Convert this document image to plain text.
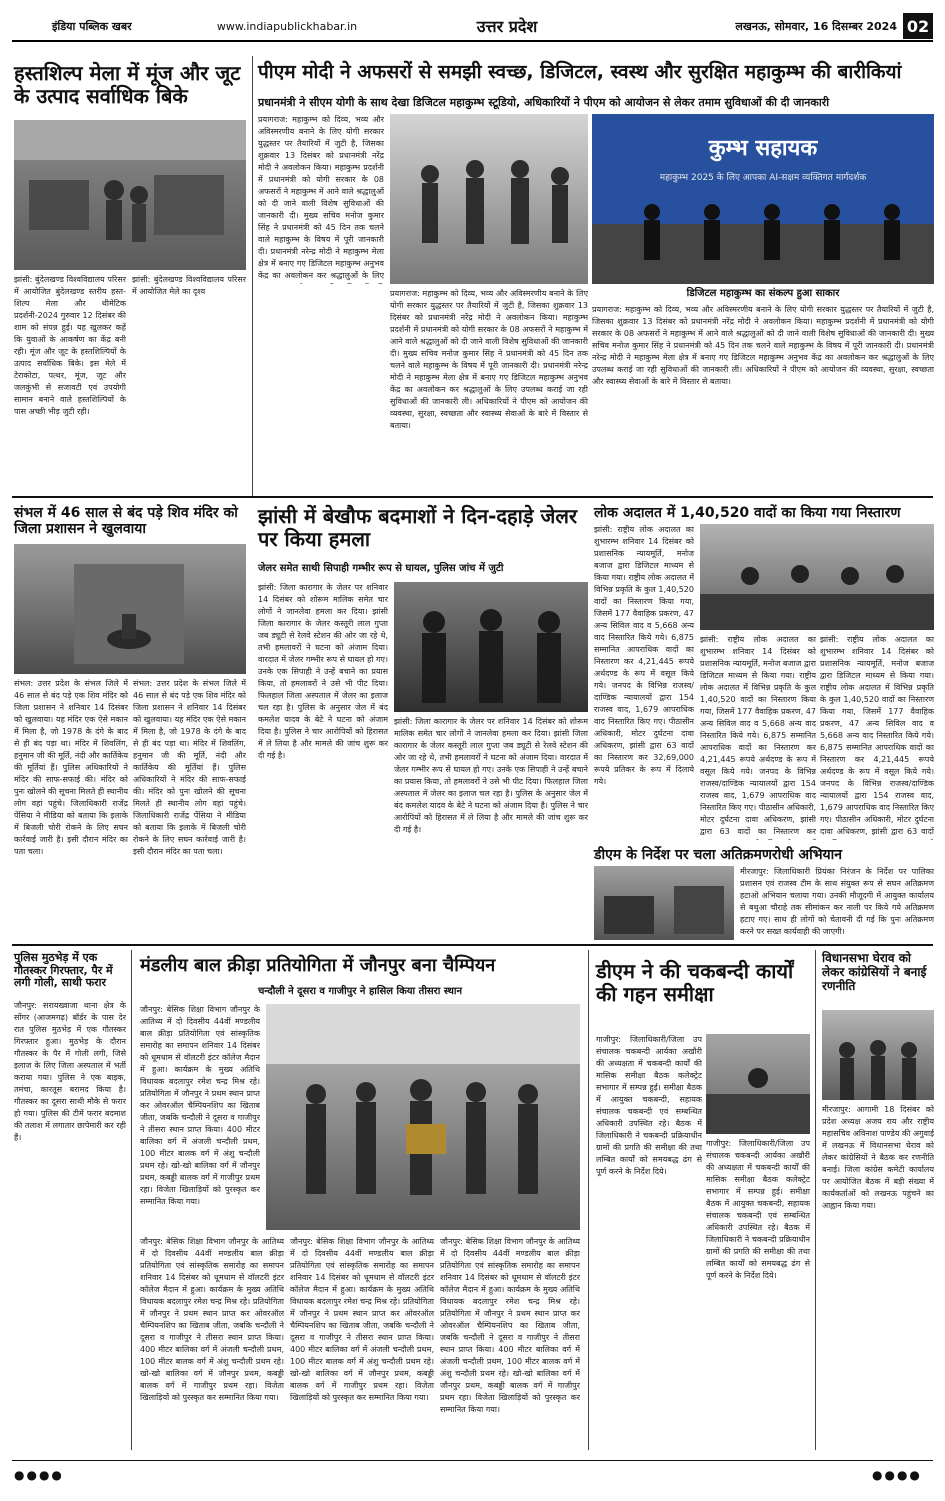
इंडिया पब्लिक खबर	www.indiapublickhabar.in	उत्तर प्रदेश	लखनऊ, सोमवार, 16 दिसम्बर 2024 02
हस्तशिल्प मेला में मूंज और जूट के उत्पाद सर्वाधिक बिके
झांसी: बुंदेलखण्ड विश्वविद्यालय परिसर में आयोजित बुंदेलखण्ड स्तरीय हस्त-शिल्प मेला और थीमेटिक प्रदर्शनी-2024 गुरुवार 12 दिसंबर की शाम को संपन्न हुई। यह खुलकर कहें कि युवाओं के आकर्षण का केंद्र बनी रही। मूंज और जूट के हस्तशिल्पियों के उत्पाद सर्वाधिक बिके। इस मेले में टेराकोटा, पत्थर, मूंज, जूट और जलकुंभी से सजावटी एवं उपयोगी सामान बनाने वाले हस्तशिल्पियों के पास अच्छी भीड़ जुटी रही।
झांसी: बुंदेलखण्ड विश्वविद्यालय परिसर में आयोजित मेले का दृश्य
पीएम मोदी ने अफसरों से समझी स्वच्छ, डिजिटल, स्वस्थ और सुरक्षित महाकुम्भ की बारीकियां
प्रधानमंत्री ने सीएम योगी के साथ देखा डिजिटल महाकुम्भ स्टूडियो, अधिकारियों ने पीएम को आयोजन से लेकर तमाम सुविधाओं की दी जानकारी
प्रयागराज: महाकुम्भ को दिव्य, भव्य और अविस्मरणीय बनाने के लिए योगी सरकार युद्धस्तर पर तैयारियों में जुटी है, जिसका शुक्रवार 13 दिसंबर को प्रधानमंत्री नरेंद्र मोदी ने अवलोकन किया। महाकुम्भ प्रदर्शनी में प्रधानमंत्री को योगी सरकार के 08 अफसरों ने महाकुम्भ में आने वाले श्रद्धालुओं को दी जाने वाली विशेष सुविधाओं की जानकारी दी। मुख्य सचिव मनोज कुमार सिंह ने प्रधानमंत्री को 45 दिन तक चलने वाले महाकुम्भ के विषय में पूरी जानकारी दी। प्रधानमंत्री नरेन्द्र मोदी ने महाकुम्भ मेला क्षेत्र में बनाए गए डिजिटल महाकुम्भ अनुभव केंद्र का अवलोकन कर श्रद्धालुओं के लिए
कुम्भ सहायक
महाकुम्भ 2025 के लिए आपका AI-सक्षम व्यक्तिगत मार्गदर्शक
प्रयागराज: महाकुम्भ को दिव्य, भव्य और अविस्मरणीय बनाने के लिए योगी सरकार युद्धस्तर पर तैयारियों में जुटी है, जिसका शुक्रवार 13 दिसंबर को प्रधानमंत्री नरेंद्र मोदी ने अवलोकन किया। महाकुम्भ प्रदर्शनी में प्रधानमंत्री को योगी सरकार के 08 अफसरों ने महाकुम्भ में आने वाले श्रद्धालुओं को दी जाने वाली विशेष सुविधाओं की जानकारी दी। मुख्य सचिव मनोज कुमार सिंह ने प्रधानमंत्री को 45 दिन तक चलने वाले महाकुम्भ के विषय में पूरी जानकारी दी। प्रधानमंत्री नरेन्द्र मोदी ने महाकुम्भ मेला क्षेत्र में बनाए गए डिजिटल महाकुम्भ अनुभव केंद्र का अवलोकन कर श्रद्धालुओं के लिए उपलब्ध कराई जा रही सुविधाओं की जानकारी ली। अधिकारियों ने पीएम को आयोजन की व्यवस्था, सुरक्षा, स्वच्छता और स्वास्थ्य सेवाओं के बारे में विस्तार से बताया।
डिजिटल महाकुम्भ का संकल्प हुआ साकार
प्रयागराज: महाकुम्भ को दिव्य, भव्य और अविस्मरणीय बनाने के लिए योगी सरकार युद्धस्तर पर तैयारियों में जुटी है, जिसका शुक्रवार 13 दिसंबर को प्रधानमंत्री नरेंद्र मोदी ने अवलोकन किया। महाकुम्भ प्रदर्शनी में प्रधानमंत्री को योगी सरकार के 08 अफसरों ने महाकुम्भ में आने वाले श्रद्धालुओं को दी जाने वाली विशेष सुविधाओं की जानकारी दी। मुख्य सचिव मनोज कुमार सिंह ने प्रधानमंत्री को 45 दिन तक चलने वाले महाकुम्भ के विषय में पूरी जानकारी दी। प्रधानमंत्री नरेन्द्र मोदी ने महाकुम्भ मेला क्षेत्र में बनाए गए डिजिटल महाकुम्भ अनुभव केंद्र का अवलोकन कर श्रद्धालुओं के लिए उपलब्ध कराई जा रही सुविधाओं की जानकारी ली। अधिकारियों ने पीएम को आयोजन की व्यवस्था, सुरक्षा, स्वच्छता और स्वास्थ्य सेवाओं के बारे में विस्तार से बताया।
संभल में 46 साल से बंद पड़े शिव मंदिर को जिला प्रशासन ने खुलवाया
संभल: उत्तर प्रदेश के संभल जिले में 46 साल से बंद पड़े एक शिव मंदिर को जिला प्रशासन ने शनिवार 14 दिसंबर को खुलवाया। यह मंदिर एक ऐसे मकान में मिला है, जो 1978 के दंगे के बाद से ही बंद पड़ा था। मंदिर में शिवलिंग, हनुमान जी की मूर्ति, नंदी और कार्तिकेय की मूर्तियां हैं। पुलिस अधिकारियों ने मंदिर की साफ-सफाई की। मंदिर को पुनः खोलने की सूचना मिलते ही स्थानीय लोग वहां पहुंचे। जिलाधिकारी राजेंद्र पेंसिया ने मीडिया को बताया कि इलाके में बिजली चोरी रोकने के लिए सघन कार्रवाई जारी है। इसी दौरान मंदिर का पता चला।
संभल: उत्तर प्रदेश के संभल जिले में 46 साल से बंद पड़े एक शिव मंदिर को जिला प्रशासन ने शनिवार 14 दिसंबर को खुलवाया। यह मंदिर एक ऐसे मकान में मिला है, जो 1978 के दंगे के बाद से ही बंद पड़ा था। मंदिर में शिवलिंग, हनुमान जी की मूर्ति, नंदी और कार्तिकेय की मूर्तियां हैं। पुलिस अधिकारियों ने मंदिर की साफ-सफाई की। मंदिर को पुनः खोलने की सूचना मिलते ही स्थानीय लोग वहां पहुंचे। जिलाधिकारी राजेंद्र पेंसिया ने मीडिया को बताया कि इलाके में बिजली चोरी रोकने के लिए सघन कार्रवाई जारी है। इसी दौरान मंदिर का पता चला।
झांसी में बेखौफ बदमाशों ने दिन-दहाड़े जेलर पर किया हमला
जेलर समेत साथी सिपाही गम्भीर रूप से घायल, पुलिस जांच में जुटी
झांसी: जिला कारागार के जेलर पर शनिवार 14 दिसंबर को शोरूम मालिक समेत चार लोगों ने जानलेवा हमला कर दिया। झांसी जिला कारागार के जेलर कस्तूरी लाल गुप्ता जब ड्यूटी से रेलवे स्टेशन की ओर जा रहे थे, तभी हमलावरों ने घटना को अंजाम दिया। वारदात में जेलर गम्भीर रूप से घायल हो गए। उनके एक सिपाही ने उन्हें बचाने का प्रयास किया, तो हमलावरों ने उसे भी पीट दिया। फिलहाल जिला अस्पताल में जेलर का इलाज चल रहा है। पुलिस के अनुसार जेल में बंद कमलेश यादव के बेटे ने घटना को अंजाम दिया है। पुलिस ने चार आरोपियों को हिरासत में ले लिया है और मामले की जांच शुरू कर दी गई है।
झांसी: जिला कारागार के जेलर पर शनिवार 14 दिसंबर को शोरूम मालिक समेत चार लोगों ने जानलेवा हमला कर दिया। झांसी जिला कारागार के जेलर कस्तूरी लाल गुप्ता जब ड्यूटी से रेलवे स्टेशन की ओर जा रहे थे, तभी हमलावरों ने घटना को अंजाम दिया। वारदात में जेलर गम्भीर रूप से घायल हो गए। उनके एक सिपाही ने उन्हें बचाने का प्रयास किया, तो हमलावरों ने उसे भी पीट दिया। फिलहाल जिला अस्पताल में जेलर का इलाज चल रहा है। पुलिस के अनुसार जेल में बंद कमलेश यादव के बेटे ने घटना को अंजाम दिया है। पुलिस ने चार आरोपियों को हिरासत में ले लिया है और मामले की जांच शुरू कर दी गई है।
लोक अदालत में 1,40,520 वादों का किया गया निस्तारण
झांसी: राष्ट्रीय लोक अदालत का शुभारम्भ शनिवार 14 दिसंबर को प्रशासनिक न्यायमूर्ति, मनोज बजाज द्वारा डिजिटल माध्यम से किया गया। राष्ट्रीय लोक अदालत में विभिन्न प्रकृति के कुल 1,40,520 वादों का निस्तारण किया गया, जिसमें 177 वैवाहिक प्रकरण, 47 अन्य सिविल वाद व 5,668 अन्य वाद निस्तारित किये गये। 6,875 सम्मानित आपराधिक वादों का निस्तारण कर 4,21,445 रूपये अर्थदण्ड के रूप में वसूल किये गये। जनपद के विभिन्न राजस्व/दाण्डिक न्यायालयों द्वारा 154 राजस्व वाद, 1,679 आपराधिक वाद निस्तारित किए गए। पीठासीन अधिकारी, मोटर दुर्घटना दावा अधिकरण, झांसी द्वारा 63 वादों का निस्तारण कर 32,69,000 रूपये प्रतिकर के रूप में दिलाये गये।
झांसी: राष्ट्रीय लोक अदालत का शुभारम्भ शनिवार 14 दिसंबर को प्रशासनिक न्यायमूर्ति, मनोज बजाज द्वारा डिजिटल माध्यम से किया गया। राष्ट्रीय लोक अदालत में विभिन्न प्रकृति के कुल 1,40,520 वादों का निस्तारण किया गया, जिसमें 177 वैवाहिक प्रकरण, 47 अन्य सिविल वाद व 5,668 अन्य वाद निस्तारित किये गये। 6,875 सम्मानित आपराधिक वादों का निस्तारण कर 4,21,445 रूपये अर्थदण्ड के रूप में वसूल किये गये। जनपद के विभिन्न राजस्व/दाण्डिक न्यायालयों द्वारा 154 राजस्व वाद, 1,679 आपराधिक वाद निस्तारित किए गए। पीठासीन अधिकारी, मोटर दुर्घटना दावा अधिकरण, झांसी द्वारा 63 वादों का निस्तारण कर
झांसी: राष्ट्रीय लोक अदालत का शुभारम्भ शनिवार 14 दिसंबर को प्रशासनिक न्यायमूर्ति, मनोज बजाज द्वारा डिजिटल माध्यम से किया गया। राष्ट्रीय लोक अदालत में विभिन्न प्रकृति के कुल 1,40,520 वादों का निस्तारण किया गया, जिसमें 177 वैवाहिक प्रकरण, 47 अन्य सिविल वाद व 5,668 अन्य वाद निस्तारित किये गये। 6,875 सम्मानित आपराधिक वादों का निस्तारण कर 4,21,445 रूपये अर्थदण्ड के रूप में वसूल किये गये। जनपद के विभिन्न राजस्व/दाण्डिक न्यायालयों द्वारा 154 राजस्व वाद, 1,679 आपराधिक वाद निस्तारित किए गए। पीठासीन अधिकारी, मोटर दुर्घटना दावा अधिकरण, झांसी द्वारा 63 वादों
डीएम के निर्देश पर चला अतिक्रमणरोधी अभियान
मीरजापुर: जिलाधिकारी प्रियंका निरंजन के निर्देश पर पालिका प्रशासन एवं राजस्व टीम के साथ संयुक्त रूप से सघन अतिक्रमण हटाओ अभियान चलाया गया। उनकी मौजूदगी में आयुक्त कार्यालय से बथुआ चौराहे तक सीमांकन कर नाली पर किये गये अतिक्रमण हटाए गए। साथ ही लोगों को चेतावनी दी गई कि पुनः अतिक्रमण करने पर सख्त कार्यवाही की जाएगी।
पुलिस मुठभेड़ में एक गौतस्कर गिरफ्तार, पैर में लगी गोली, साथी फरार
जौनपुर: सरायख्वाजा थाना क्षेत्र के सोंगर (आजमगढ़) बॉर्डर के पास देर रात पुलिस मुठभेड़ में एक गौतस्कर गिरफ्तार हुआ। मुठभेड़ के दौरान गौतस्कर के पैर में गोली लगी, जिसे इलाज के लिए जिला अस्पताल में भर्ती कराया गया। पुलिस ने एक बाइक, तमंचा, कारतूस बरामद किया है। गौतस्कर का दूसरा साथी मौके से फरार हो गया। पुलिस की टीमें फरार बदमाश की तलाश में लगातार छापेमारी कर रही हैं।
मंडलीय बाल क्रीड़ा प्रतियोगिता में जौनपुर बना चैम्पियन
चन्दौली ने दूसरा व गाजीपुर ने हासिल किया तीसरा स्थान
जौनपुर: बेसिक शिक्षा विभाग जौनपुर के आतिथ्य में दो दिवसीय 44वीं मण्डलीय बाल क्रीड़ा प्रतियोगिता एवं सांस्कृतिक समारोह का समापन शनिवार 14 दिसंबर को धूमधाम से वॉलटरी इंटर कॉलेज मैदान में हुआ। कार्यक्रम के मुख्य अतिथि विधायक बदलापुर रमेश चन्द्र मिश्र रहे। प्रतियोगिता में जौनपुर ने प्रथम स्थान प्राप्त कर ओवरऑल चैम्पियनशिप का खिताब जीता, जबकि चन्दौली ने दूसरा व गाजीपुर ने तीसरा स्थान प्राप्त किया। 400 मीटर बालिका वर्ग में अंजली चन्दौली प्रथम, 100 मीटर बालक वर्ग में अंशु चन्दौली प्रथम रहे। खो-खो बालिका वर्ग में जौनपुर प्रथम, कबड्डी बालक वर्ग में गाजीपुर प्रथम रहा। विजेता खिलाड़ियों को पुरस्कृत कर सम्मानित किया गया।
जौनपुर: बेसिक शिक्षा विभाग जौनपुर के आतिथ्य में दो दिवसीय 44वीं मण्डलीय बाल क्रीड़ा प्रतियोगिता एवं सांस्कृतिक समारोह का समापन शनिवार 14 दिसंबर को धूमधाम से वॉलटरी इंटर कॉलेज मैदान में हुआ। कार्यक्रम के मुख्य अतिथि विधायक बदलापुर रमेश चन्द्र मिश्र रहे। प्रतियोगिता में जौनपुर ने प्रथम स्थान प्राप्त कर ओवरऑल चैम्पियनशिप का खिताब जीता, जबकि चन्दौली ने दूसरा व गाजीपुर ने तीसरा स्थान प्राप्त किया। 400 मीटर बालिका वर्ग में अंजली चन्दौली प्रथम, 100 मीटर बालक वर्ग में अंशु चन्दौली प्रथम रहे। खो-खो बालिका वर्ग में जौनपुर प्रथम, कबड्डी बालक वर्ग में गाजीपुर प्रथम रहा। विजेता खिलाड़ियों को पुरस्कृत कर सम्मानित किया गया।
जौनपुर: बेसिक शिक्षा विभाग जौनपुर के आतिथ्य में दो दिवसीय 44वीं मण्डलीय बाल क्रीड़ा प्रतियोगिता एवं सांस्कृतिक समारोह का समापन शनिवार 14 दिसंबर को धूमधाम से वॉलटरी इंटर कॉलेज मैदान में हुआ। कार्यक्रम के मुख्य अतिथि विधायक बदलापुर रमेश चन्द्र मिश्र रहे। प्रतियोगिता में जौनपुर ने प्रथम स्थान प्राप्त कर ओवरऑल चैम्पियनशिप का खिताब जीता, जबकि चन्दौली ने दूसरा व गाजीपुर ने तीसरा स्थान प्राप्त किया। 400 मीटर बालिका वर्ग में अंजली चन्दौली प्रथम, 100 मीटर बालक वर्ग में अंशु चन्दौली प्रथम रहे। खो-खो बालिका वर्ग में जौनपुर प्रथम, कबड्डी बालक वर्ग में गाजीपुर प्रथम रहा। विजेता खिलाड़ियों को पुरस्कृत कर सम्मानित किया गया।
जौनपुर: बेसिक शिक्षा विभाग जौनपुर के आतिथ्य में दो दिवसीय 44वीं मण्डलीय बाल क्रीड़ा प्रतियोगिता एवं सांस्कृतिक समारोह का समापन शनिवार 14 दिसंबर को धूमधाम से वॉलटरी इंटर कॉलेज मैदान में हुआ। कार्यक्रम के मुख्य अतिथि विधायक बदलापुर रमेश चन्द्र मिश्र रहे। प्रतियोगिता में जौनपुर ने प्रथम स्थान प्राप्त कर ओवरऑल चैम्पियनशिप का खिताब जीता, जबकि चन्दौली ने दूसरा व गाजीपुर ने तीसरा स्थान प्राप्त किया। 400 मीटर बालिका वर्ग में अंजली चन्दौली प्रथम, 100 मीटर बालक वर्ग में अंशु चन्दौली प्रथम रहे। खो-खो बालिका वर्ग में जौनपुर प्रथम, कबड्डी बालक वर्ग में गाजीपुर प्रथम रहा। विजेता खिलाड़ियों को पुरस्कृत कर सम्मानित किया गया।
डीएम ने की चकबन्दी कार्यों की गहन समीक्षा
गाजीपुर: जिलाधिकारी/जिला उप संचालक चकबन्दी आर्यका अखौरी की अध्यक्षता में चकबन्दी कार्यों की मासिक समीक्षा बैठक कलेक्ट्रेट सभागार में सम्पन्न हुई। समीक्षा बैठक में आयुक्त चकबन्दी, सहायक संचालक चकबन्दी एवं सम्बन्धित अधिकारी उपस्थित रहे। बैठक में जिलाधिकारी ने चकबन्दी प्रक्रियाधीन ग्रामों की प्रगति की समीक्षा की तथा लम्बित कार्यों को समयबद्ध ढंग से पूर्ण करने के निर्देश दिये।
गाजीपुर: जिलाधिकारी/जिला उप संचालक चकबन्दी आर्यका अखौरी की अध्यक्षता में चकबन्दी कार्यों की मासिक समीक्षा बैठक कलेक्ट्रेट सभागार में सम्पन्न हुई। समीक्षा बैठक में आयुक्त चकबन्दी, सहायक संचालक चकबन्दी एवं सम्बन्धित अधिकारी उपस्थित रहे। बैठक में जिलाधिकारी ने चकबन्दी प्रक्रियाधीन ग्रामों की प्रगति की समीक्षा की तथा लम्बित कार्यों को समयबद्ध ढंग से पूर्ण करने के निर्देश दिये।
विधानसभा घेराव को लेकर कांग्रेसियों ने बनाई रणनीति
मीरजापुर: आगामी 18 दिसंबर को प्रदेश अध्यक्ष अजय राय और राष्ट्रीय महासचिव अविनाश पाण्डेय की अगुवाई में लखनऊ में विधानसभा घेराव को लेकर कांग्रेसियों ने बैठक कर रणनीति बनाई। जिला कांग्रेस कमेटी कार्यालय पर आयोजित बैठक में बड़ी संख्या में कार्यकर्ताओं को लखनऊ पहुंचने का आह्वान किया गया।
●●●●	●●●●
